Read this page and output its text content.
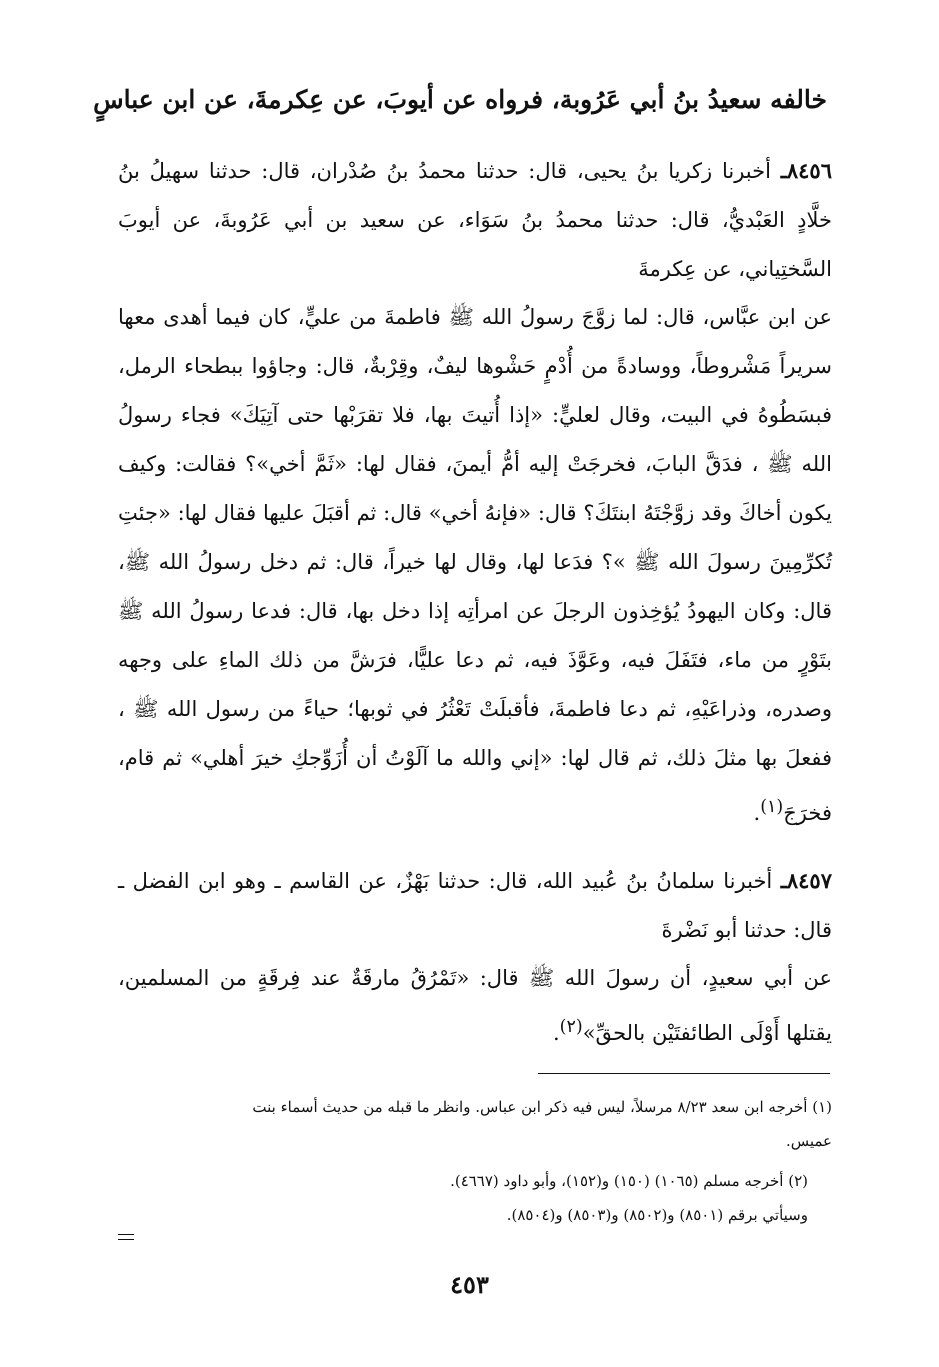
خالفه سعيدُ بنُ أبي عَرُوبة، فرواه عن أيوبَ، عن عِكرمةَ، عن ابن عباسٍ
٨٤٥٦ـ أخبرنا زكريا بنُ يحيى، قال: حدثنا محمدُ بنُ صُدْران، قال: حدثنا سهيلُ بنُ خلَّادٍ العَبْديُّ، قال: حدثنا محمدُ بنُ سَوَاء، عن سعيد بن أبي عَرُوبةَ، عن أيوبَ السَّختِياني، عن عِكرمةَ
عن ابن عبَّاس، قال: لما زوَّجَ رسولُ الله ﷺ فاطمةَ من عليٍّ، كان فيما أهدى معها سريراً مَشْروطاً، ووسادةً من أُدْمٍ حَشْوها ليفٌ، وقِرْبةٌ، قال: وجاؤوا ببطحاء الرمل، فبسَطُوهُ في البيت، وقال لعليٍّ: «إذا أُتيتَ بها، فلا تقرَبْها حتى آتِيَكَ» فجاء رسولُ الله ﷺ ، فدَقَّ البابَ، فخرجَتْ إليه أمُّ أيمنَ، فقال لها: «ثَمَّ أخي»؟ فقالت: وكيف يكون أخاكَ وقد زوَّجْتَهُ ابنتَكَ؟ قال: «فإنهُ أخي» قال: ثم أقبَلَ عليها فقال لها: «جئتِ تُكرِّمِينَ رسولَ الله ﷺ »؟ فدَعا لها، وقال لها خيراً، قال: ثم دخل رسولُ الله ﷺ، قال: وكان اليهودُ يُؤخِذون الرجلَ عن امرأتِه إذا دخل بها، قال: فدعا رسولُ الله ﷺ بتَوْرٍ من ماء، فتَفَلَ فيه، وعَوَّذَ فيه، ثم دعا عليًّا، فرَشَّ من ذلك الماءِ على وجهه وصدره، وذراعَيْهِ، ثم دعا فاطمةَ، فأقبلَتْ تَعْثُرُ في ثوبها؛ حياءً من رسول الله ﷺ ، ففعلَ بها مثلَ ذلك، ثم قال لها: «إني والله ما آلَوْتُ أن أُزَوِّجكِ خيرَ أهلي» ثم قام، فخرَجَ$^{(١)}$.
٨٤٥٧ـ أخبرنا سلمانُ بنُ عُبيد الله، قال: حدثنا بَهْزٌ، عن القاسم ـ وهو ابن الفضل ـ قال: حدثنا أبو نَضْرةَ
عن أبي سعيدٍ، أن رسولَ الله ﷺ قال: «تَمْرُقُ مارقَةٌ عند فِرقَةٍ من المسلمين، يقتلها أَوْلَى الطائفتَيْن بالحقِّ»$^{(٢)}$.
(١) أخرجه ابن سعد ٨/٢٣ مرسلاً، ليس فيه ذكر ابن عباس. وانظر ما قبله من حديث أسماء بنت
عميس.
(٢) أخرجه مسلم (١٠٦٥) (١٥٠) و(١٥٢)، وأبو داود (٤٦٦٧).
وسيأتي برقم (٨٥٠١) و(٨٥٠٢) و(٨٥٠٣) و(٨٥٠٤).
٤٥٣
